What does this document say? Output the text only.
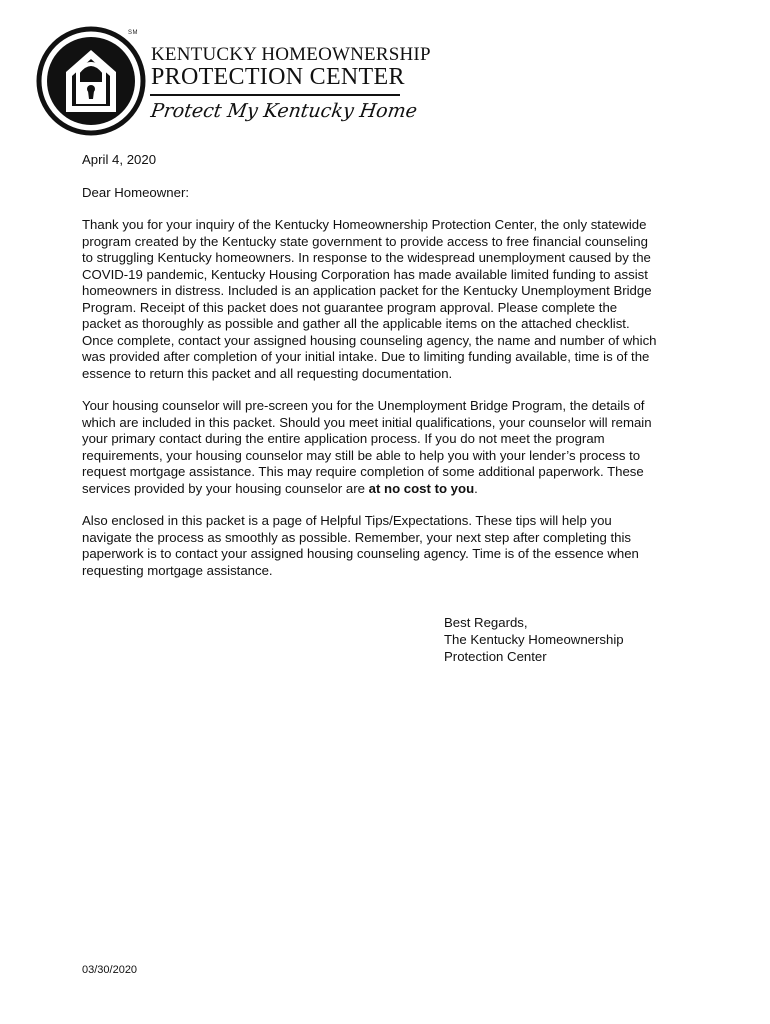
SM
KENTUCKY HOMEOWNERSHIP
PROTECTION CENTER
Protect My Kentucky Home

April 4, 2020

Dear Homeowner:

Thank you for your inquiry of the Kentucky Homeownership Protection Center, the only statewide
program created by the Kentucky state government to provide access to free financial counseling
to struggling Kentucky homeowners. In response to the widespread unemployment caused by the
COVID-19 pandemic, Kentucky Housing Corporation has made available limited funding to assist
homeowners in distress. Included is an application packet for the Kentucky Unemployment Bridge
Program. Receipt of this packet does not guarantee program approval. Please complete the
packet as thoroughly as possible and gather all the applicable items on the attached checklist.
Once complete, contact your assigned housing counseling agency, the name and number of which
was provided after completion of your initial intake. Due to limiting funding available, time is of the
essence to return this packet and all requesting documentation.

Your housing counselor will pre-screen you for the Unemployment Bridge Program, the details of
which are included in this packet. Should you meet initial qualifications, your counselor will remain
your primary contact during the entire application process. If you do not meet the program
requirements, your housing counselor may still be able to help you with your lender’s process to
request mortgage assistance. This may require completion of some additional paperwork. These
services provided by your housing counselor are at no cost to you.

Also enclosed in this packet is a page of Helpful Tips/Expectations. These tips will help you
navigate the process as smoothly as possible. Remember, your next step after completing this
paperwork is to contact your assigned housing counseling agency. Time is of the essence when
requesting mortgage assistance.

Best Regards,
The Kentucky Homeownership
Protection Center
03/30/2020
